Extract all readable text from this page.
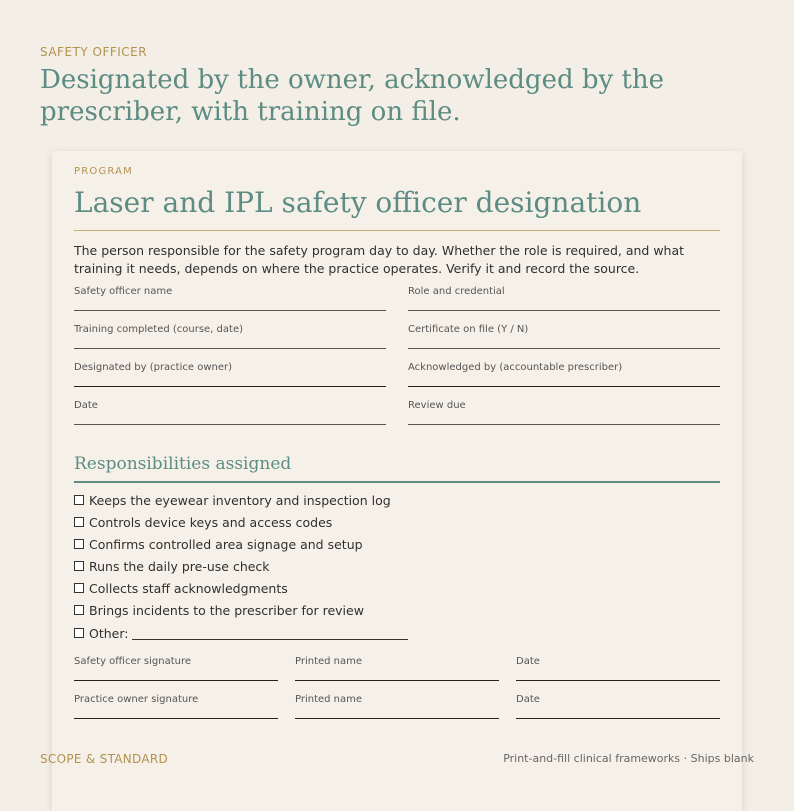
SAFETY OFFICER
Designated by the owner, acknowledged by the prescriber, with training on file.
PROGRAM
Laser and IPL safety officer designation

The person responsible for the safety program day to day. Whether the role is required, and what training it needs, depends on where the practice operates. Verify it and record the source.

Safety officer name	Role and credential
Training completed (course, date)	Certificate on file (Y / N)
Designated by (practice owner)	Acknowledged by (accountable prescriber)
Date	Review due
Responsibilities assigned
Keeps the eyewear inventory and inspection log
Controls device keys and access codes
Confirms controlled area signage and setup
Runs the daily pre-use check
Collects staff acknowledgments
Brings incidents to the prescriber for review
Other:
Safety officer signature	Printed name	Date
Practice owner signature	Printed name	Date
SCOPE & STANDARD	Print-and-fill clinical frameworks · Ships blank
